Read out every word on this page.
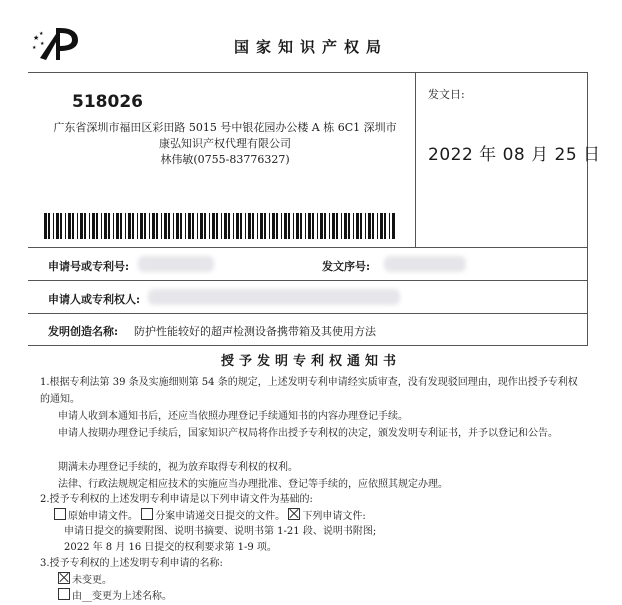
★ ★
★
★	国家知识产权局
518026
广东省深圳市福田区彩田路 5015 号中银花园办公楼 A 栋 6C1 深圳市
康弘知识产权代理有限公司
林伟敏(0755-83776327)
发文日:
2022 年 08 月 25 日
申请号或专利号:	发文序号:
申请人或专利权人:
发明创造名称: 防护性能较好的超声检测设备携带箱及其使用方法
授予发明专利权通知书
1.根据专利法第 39 条及实施细则第 54 条的规定，上述发明专利申请经实质审查，没有发现驳回理由，现作出授予专利权的通知。
申请人收到本通知书后，还应当依照办理登记手续通知书的内容办理登记手续。
申请人按期办理登记手续后，国家知识产权局将作出授予专利权的决定，颁发发明专利证书，并予以登记和公告。
期满未办理登记手续的，视为放弃取得专利权的权利。
法律、行政法规规定相应技术的实施应当办理批准、登记等手续的，应依照其规定办理。
2.授予专利权的上述发明专利申请是以下列申请文件为基础的:
原始申请文件。 分案申请递交日提交的文件。 下列申请文件:
申请日提交的摘要附图、说明书摘要、说明书第 1-21 段、说明书附图;
2022 年 8 月 16 日提交的权利要求第 1-9 项。
3.授予专利权的上述发明专利申请的名称:
未变更。
由__变更为上述名称。
